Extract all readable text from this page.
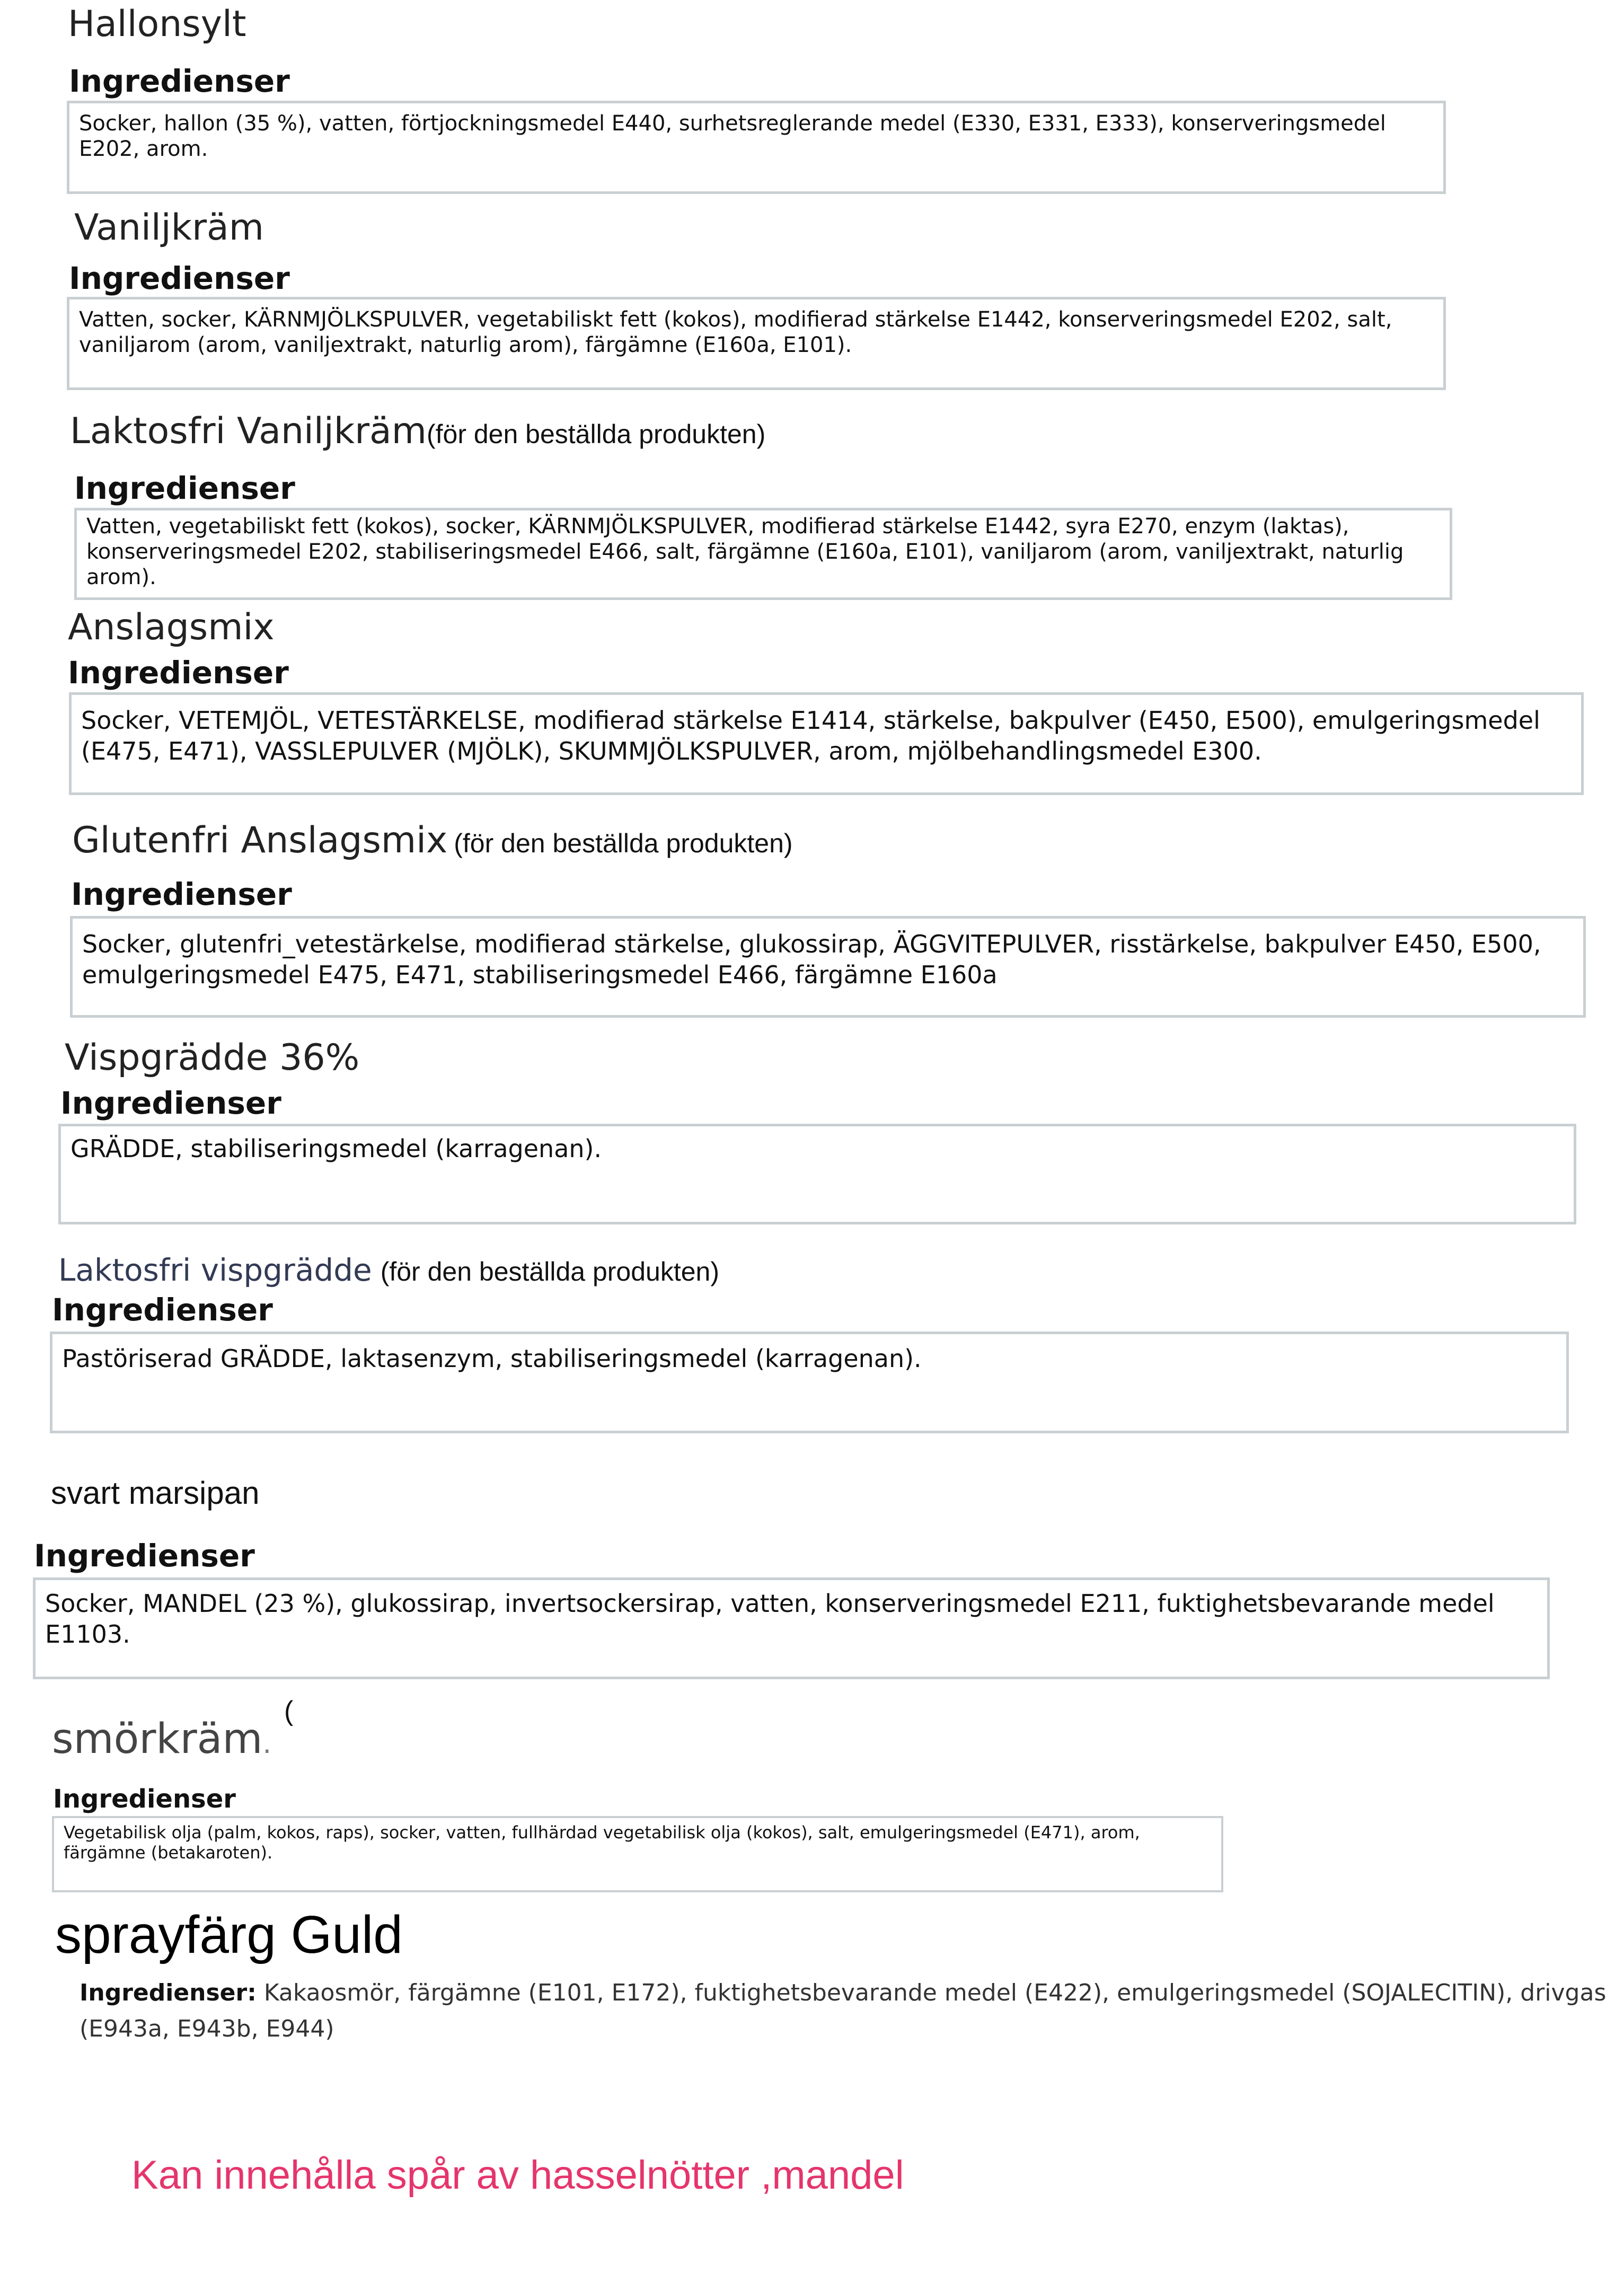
Hallonsylt
Ingredienser

Socker, hallon (35 %), vatten, förtjockningsmedel E440, surhetsreglerande medel (E330, E331, E333), konserveringsmedel E202, arom.

Vaniljkräm
Ingredienser

Vatten, socker, KÄRNMJÖLKSPULVER, vegetabiliskt fett (kokos), modifierad stärkelse E1442, konserveringsmedel E202, salt, vaniljarom (arom, vaniljextrakt, naturlig arom), färgämne (E160a, E101).

Laktosfri Vaniljkräm(för den beställda produkten)
Ingredienser

Vatten, vegetabiliskt fett (kokos), socker, KÄRNMJÖLKSPULVER, modifierad stärkelse E1442, syra E270, enzym (laktas), konserveringsmedel E202, stabiliseringsmedel E466, salt, färgämne (E160a, E101), vaniljarom (arom, vaniljextrakt, naturlig arom).

Anslagsmix
Ingredienser

Socker, VETEMJÖL, VETESTÄRKELSE, modifierad stärkelse E1414, stärkelse, bakpulver (E450, E500), emulgeringsmedel (E475, E471), VASSLEPULVER (MJÖLK), SKUMMJÖLKSPULVER, arom, mjölbehandlingsmedel E300.

Glutenfri Anslagsmix (för den beställda produkten)
Ingredienser

Socker, glutenfri_vetestärkelse, modifierad stärkelse, glukossirap, ÄGGVITEPULVER, risstärkelse, bakpulver E450, E500, emulgeringsmedel E475, E471, stabiliseringsmedel E466, färgämne E160a

Vispgrädde 36%
Ingredienser

GRÄDDE, stabiliseringsmedel (karragenan).

Laktosfri vispgrädde (för den beställda produkten)
Ingredienser

Pastöriserad GRÄDDE, laktasenzym, stabiliseringsmedel (karragenan).

svart marsipan
Ingredienser

Socker, MANDEL (23 %), glukossirap, invertsockersirap, vatten, konserveringsmedel E211, fuktighetsbevarande medel E1103.

(
smörkräm.
Ingredienser

Vegetabilisk olja (palm, kokos, raps), socker, vatten, fullhärdad vegetabilisk olja (kokos), salt, emulgeringsmedel (E471), arom, färgämne (betakaroten).

sprayfärg Guld
Ingredienser: Kakaosmör, färgämne (E101, E172), fuktighetsbevarande medel (E422), emulgeringsmedel (SOJALECITIN), drivgas (E943a, E943b, E944)
Kan innehålla spår av hasselnötter ,mandel
